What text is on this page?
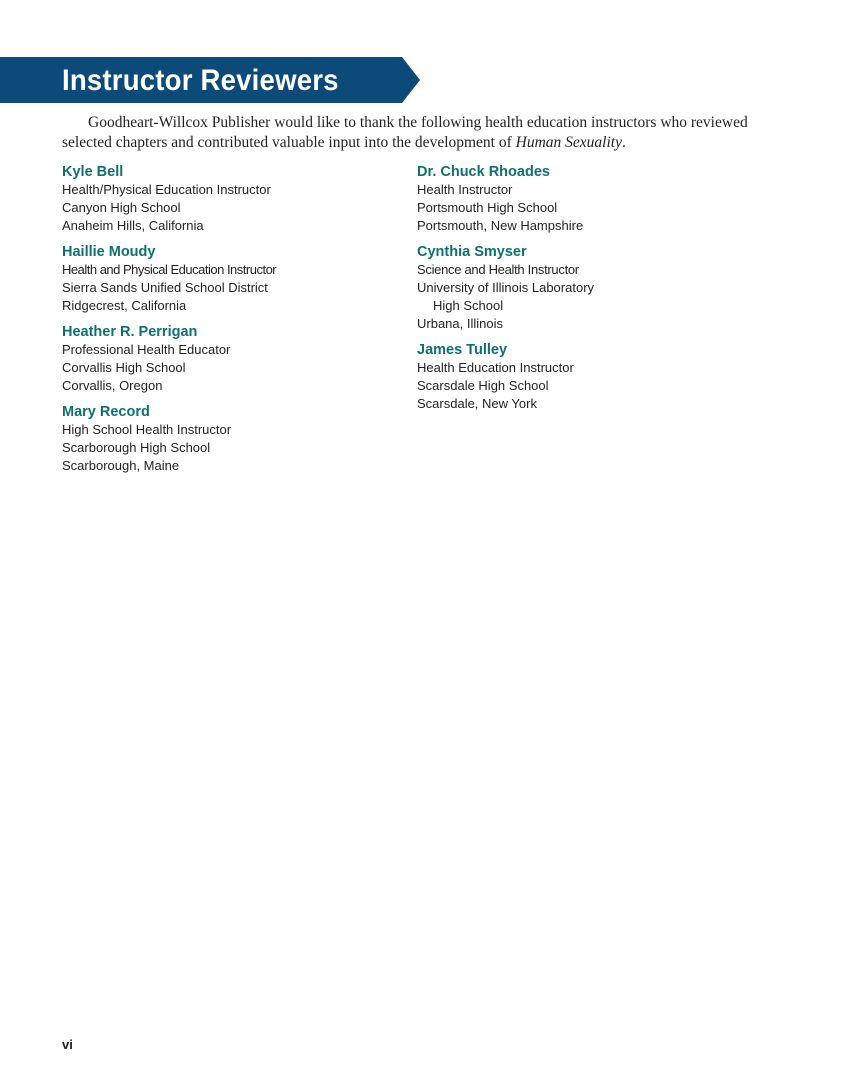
Instructor Reviewers

Goodheart-Willcox Publisher would like to thank the following health education instructors who reviewed selected chapters and contributed valuable input into the development of Human Sexuality.

Kyle Bell

Health/Physical Education Instructor

Canyon High School

Anaheim Hills, California

Haillie Moudy

Health and Physical Education Instructor

Sierra Sands Unified School District

Ridgecrest, California

Heather R. Perrigan

Professional Health Educator

Corvallis High School

Corvallis, Oregon

Mary Record

High School Health Instructor

Scarborough High School

Scarborough, Maine

Dr. Chuck Rhoades

Health Instructor

Portsmouth High School

Portsmouth, New Hampshire

Cynthia Smyser

Science and Health Instructor

University of Illinois Laboratory

High School

Urbana, Illinois

James Tulley

Health Education Instructor

Scarsdale High School

Scarsdale, New York

vi
